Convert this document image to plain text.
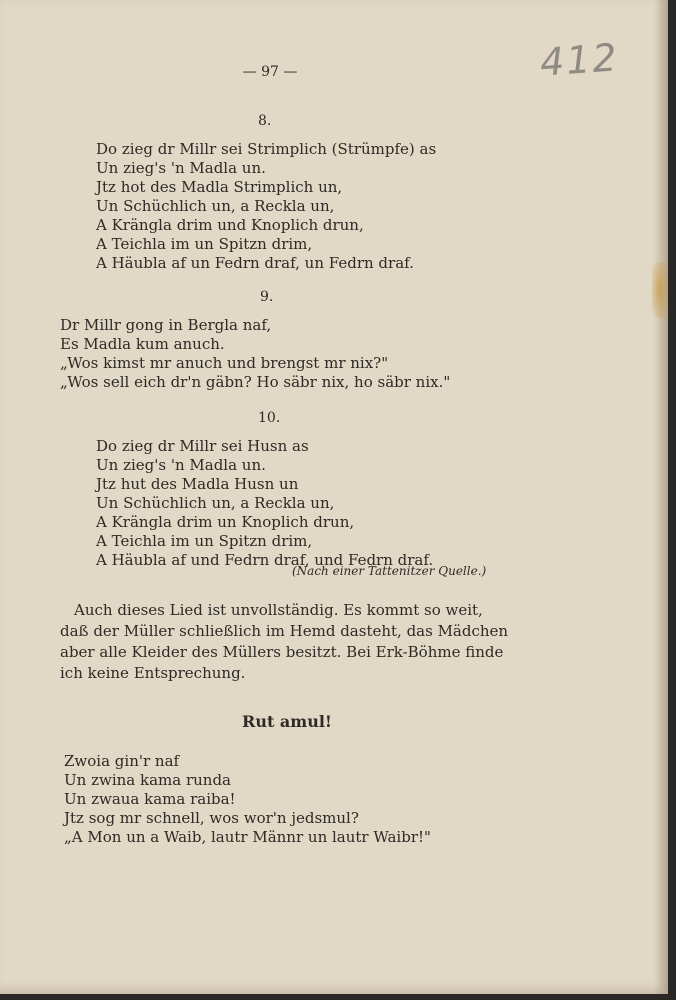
412
— 97 —
8.
Do zieg dr Millr sei Strimplich (Strümpfe) as
Un zieg's 'n Madla un.
Jtz hot des Madla Strimplich un,
Un Schüchlich un, a Reckla un,
A Krängla drim und Knoplich drun,
A Teichla im un Spitzn drim,
A Häubla af un Fedrn draf, un Fedrn draf.
9.
Dr Millr gong in Bergla naf,
Es Madla kum anuch.
„Wos kimst mr anuch und brengst mr nix?"
„Wos sell eich dr'n gäbn? Ho säbr nix, ho säbr nix."
10.
Do zieg dr Millr sei Husn as
Un zieg's 'n Madla un.
Jtz hut des Madla Husn un
Un Schüchlich un, a Reckla un,
A Krängla drim un Knoplich drun,
A Teichla im un Spitzn drim,
A Häubla af und Fedrn draf, und Fedrn draf.
(Nach einer Tattenitzer Quelle.)
Auch dieses Lied ist unvollständig. Es kommt so weit,
daß der Müller schließlich im Hemd dasteht, das Mädchen
aber alle Kleider des Müllers besitzt. Bei Erk-Böhme finde
ich keine Entsprechung.
Rut amul!
Zwoia gin'r naf
Un zwina kama runda
Un zwaua kama raiba!
Jtz sog mr schnell, wos wor'n jedsmul?
„A Mon un a Waib, lautr Männr un lautr Waibr!"
